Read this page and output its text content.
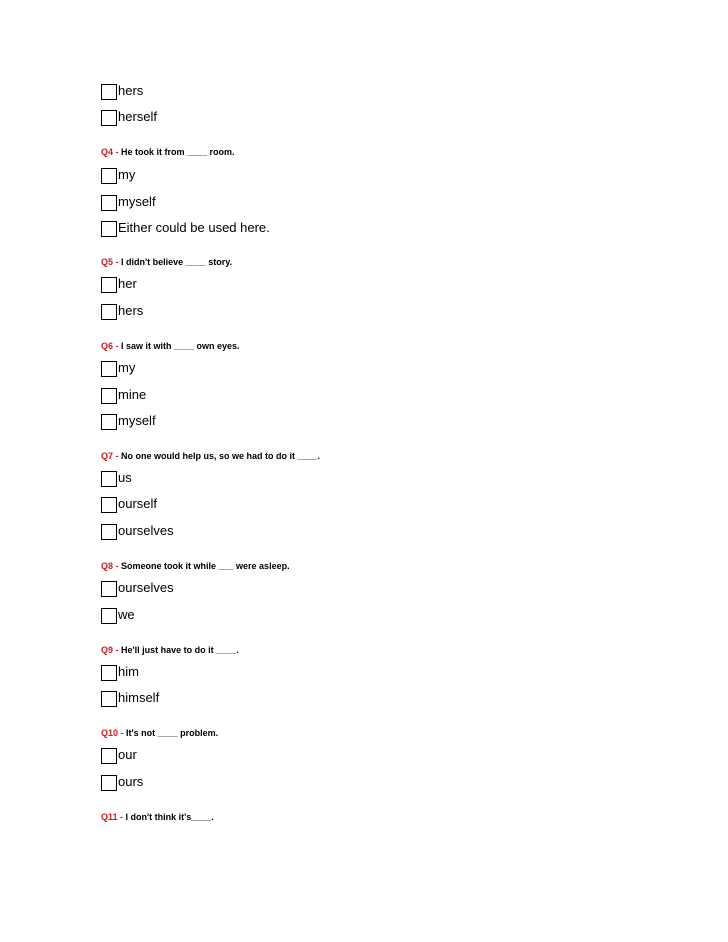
hers
herself
Q4 - He took it from ____ room.
my
myself
Either could be used here.
Q5 - I didn't believe ____ story.
her
hers
Q6 - I saw it with ____ own eyes.
my
mine
myself
Q7 - No one would help us, so we had to do it ____.
us
ourself
ourselves
Q8 - Someone took it while ___ were asleep.
ourselves
we
Q9 - He'll just have to do it ____.
him
himself
Q10 - It's not ____ problem.
our
ours
Q11 - I don't think it's____.
